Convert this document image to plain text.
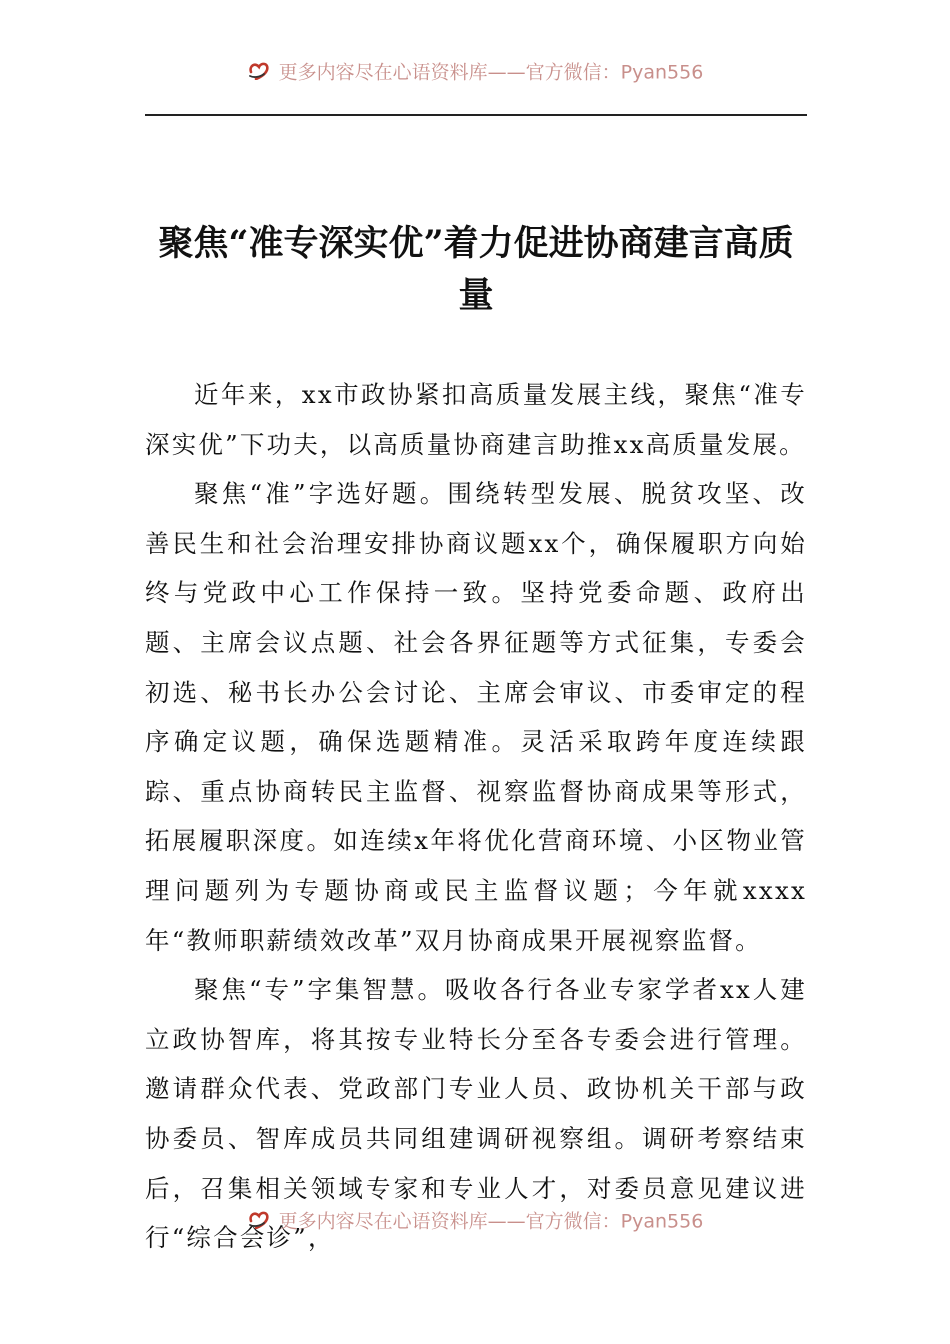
更多内容尽在心语资料库——官方微信：Pyan556
聚焦“准专深实优”着力促进协商建言高质量

近年来，xx市政协紧扣高质量发展主线，聚焦“准专深实优”下功夫，以高质量协商建言助推xx高质量发展。

聚焦“准”字选好题。围绕转型发展、脱贫攻坚、改善民生和社会治理安排协商议题xx个，确保履职方向始终与党政中心工作保持一致。坚持党委命题、政府出题、主席会议点题、社会各界征题等方式征集，专委会初选、秘书长办公会讨论、主席会审议、市委审定的程序确定议题，确保选题精准。灵活采取跨年度连续跟踪、重点协商转民主监督、视察监督协商成果等形式，拓展履职深度。如连续x年将优化营商环境、小区物业管理问题列为专题协商或民主监督议题；今年就xxxx年“教师职薪绩效改革”双月协商成果开展视察监督。

聚焦“专”字集智慧。吸收各行各业专家学者xx人建立政协智库，将其按专业特长分至各专委会进行管理。邀请群众代表、党政部门专业人员、政协机关干部与政协委员、智库成员共同组建调研视察组。调研考察结束后，召集相关领域专家和专业人才，对委员意见建议进行“综合会诊”，

更多内容尽在心语资料库——官方微信：Pyan556
